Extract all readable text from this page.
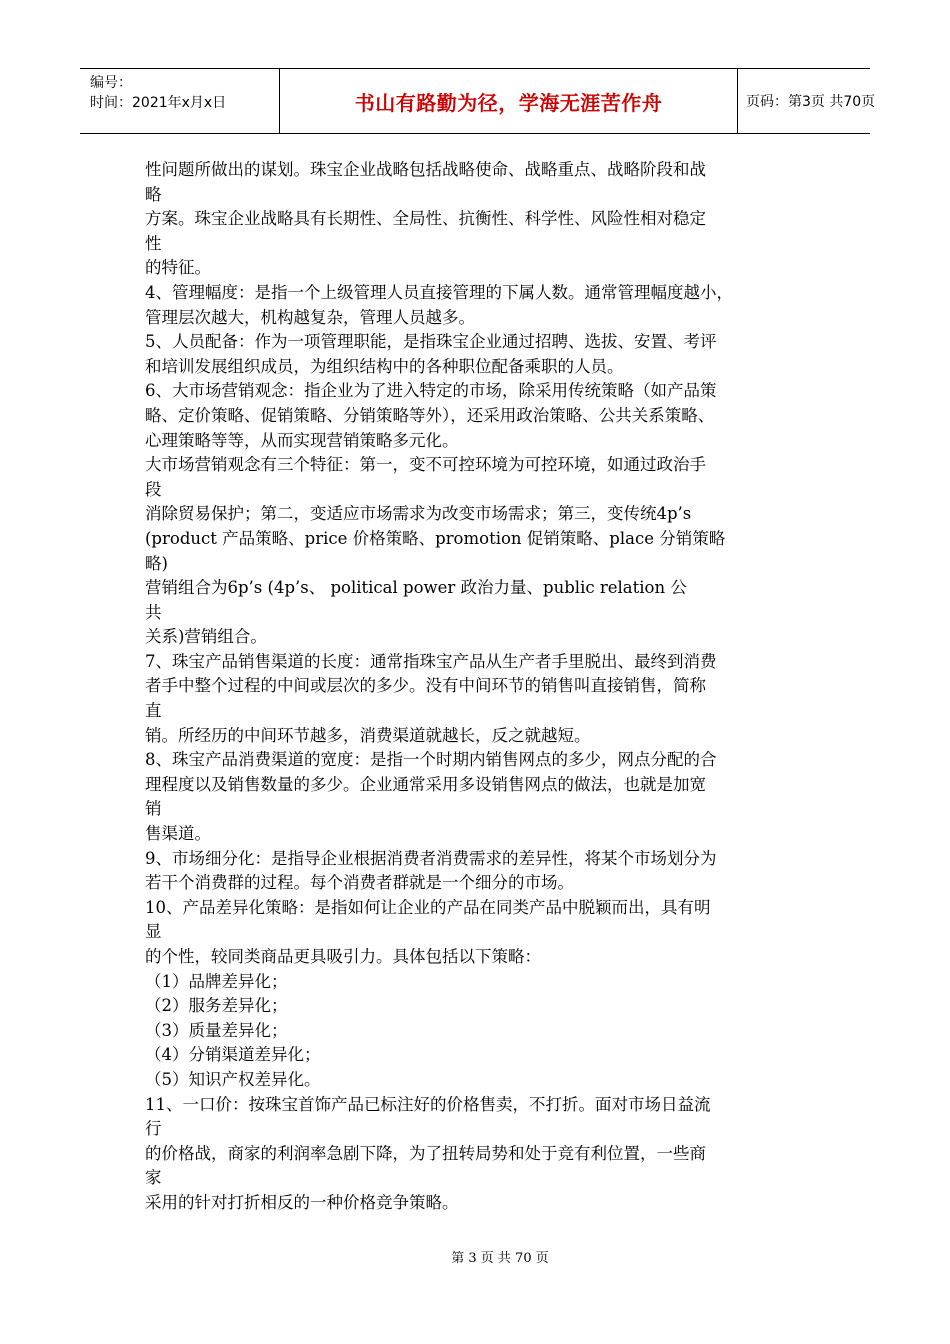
编号：
时间：2021年x月x日	书山有路勤为径，学海无涯苦作舟	页码：第3页 共70页
性问题所做出的谋划。珠宝企业战略包括战略使命、战略重点、战略阶段和战
略
方案。珠宝企业战略具有长期性、全局性、抗衡性、科学性、风险性相对稳定
性
的特征。
4、管理幅度：是指一个上级管理人员直接管理的下属人数。通常管理幅度越小，
管理层次越大，机构越复杂，管理人员越多。
5、人员配备：作为一项管理职能，是指珠宝企业通过招聘、选拔、安置、考评
和培训发展组织成员，为组织结构中的各种职位配备乘职的人员。
6、大市场营销观念：指企业为了进入特定的市场，除采用传统策略（如产品策
略、定价策略、促销策略、分销策略等外），还采用政治策略、公共关系策略、
心理策略等等，从而实现营销策略多元化。
大市场营销观念有三个特征：第一，变不可控环境为可控环境，如通过政治手
段
消除贸易保护；第二，变适应市场需求为改变市场需求；第三，变传统4p’s
(product 产品策略、price 价格策略、promotion 促销策略、place 分销策略
略)
营销组合为6p’s (4p’s、 political power 政治力量、public relation 公
共
关系)营销组合。
7、珠宝产品销售渠道的长度：通常指珠宝产品从生产者手里脱出、最终到消费
者手中整个过程的中间或层次的多少。没有中间环节的销售叫直接销售，简称
直
销。所经历的中间环节越多，消费渠道就越长，反之就越短。
8、珠宝产品消费渠道的宽度：是指一个时期内销售网点的多少，网点分配的合
理程度以及销售数量的多少。企业通常采用多设销售网点的做法，也就是加宽
销
售渠道。
9、市场细分化：是指导企业根据消费者消费需求的差异性，将某个市场划分为
若干个消费群的过程。每个消费者群就是一个细分的市场。
10、产品差异化策略：是指如何让企业的产品在同类产品中脱颖而出，具有明
显
的个性，较同类商品更具吸引力。具体包括以下策略：
（1）品牌差异化；
（2）服务差异化；
（3）质量差异化；
（4）分销渠道差异化；
（5）知识产权差异化。
11、一口价：按珠宝首饰产品已标注好的价格售卖，不打折。面对市场日益流
行
的价格战，商家的利润率急剧下降，为了扭转局势和处于竞有利位置，一些商
家
采用的针对打折相反的一种价格竞争策略。
第 3 页 共 70 页
